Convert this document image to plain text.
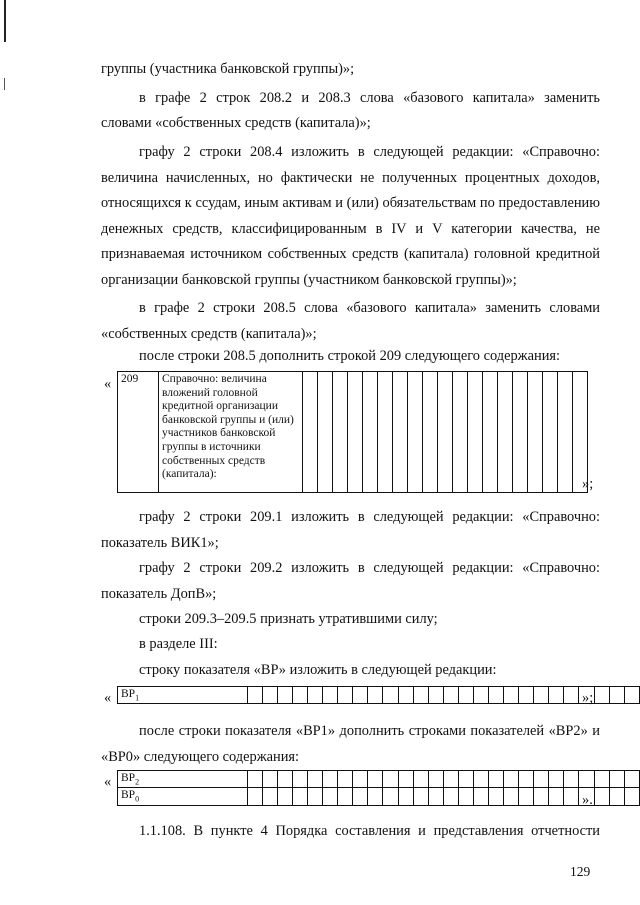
группы (участника банковской группы)»;
в графе 2 строк 208.2 и 208.3 слова «базового капитала» заменить
словами «собственных средств (капитала)»;

графу 2 строки 208.4 изложить в следующей редакции: «Справочно: величина начисленных, но фактически не полученных процентных доходов, относящихся к ссудам, иным активам и (или) обязательствам по предоставлению денежных средств, классифицированным в IV и V категории качества, не признаваемая источником собственных средств (капитала) головной кредитной организации банковской группы (участником банковской группы)»;

в графе 2 строки 208.5 слова «базового капитала» заменить словами «собственных средств (капитала)»;

после строки 208.5 дополнить строкой 209 следующего содержания:
« 209	Справочно: величина вложений головной кредитной организации банковской группы и (или) участников банковской группы в источники собственных средств (капитала):																			
»;

графу 2 строки 209.1 изложить в следующей редакции: «Справочно: показатель ВИК1»;

графу 2 строки 209.2 изложить в следующей редакции: «Справочно: показатель ДопВ»;

строки 209.3–209.5 признать утратившими силу;
в разделе III:
строку показателя «ВР» изложить в следующей редакции:
« $ВР_1$																											»;

после строки показателя «ВР1» дополнить строками показателей «ВР2» и «ВР0» следующего содержания:

« $ВР_2$																										
$ВР_0$																											».
1.1.108. В пункте 4 Порядка составления и представления отчетности
129
